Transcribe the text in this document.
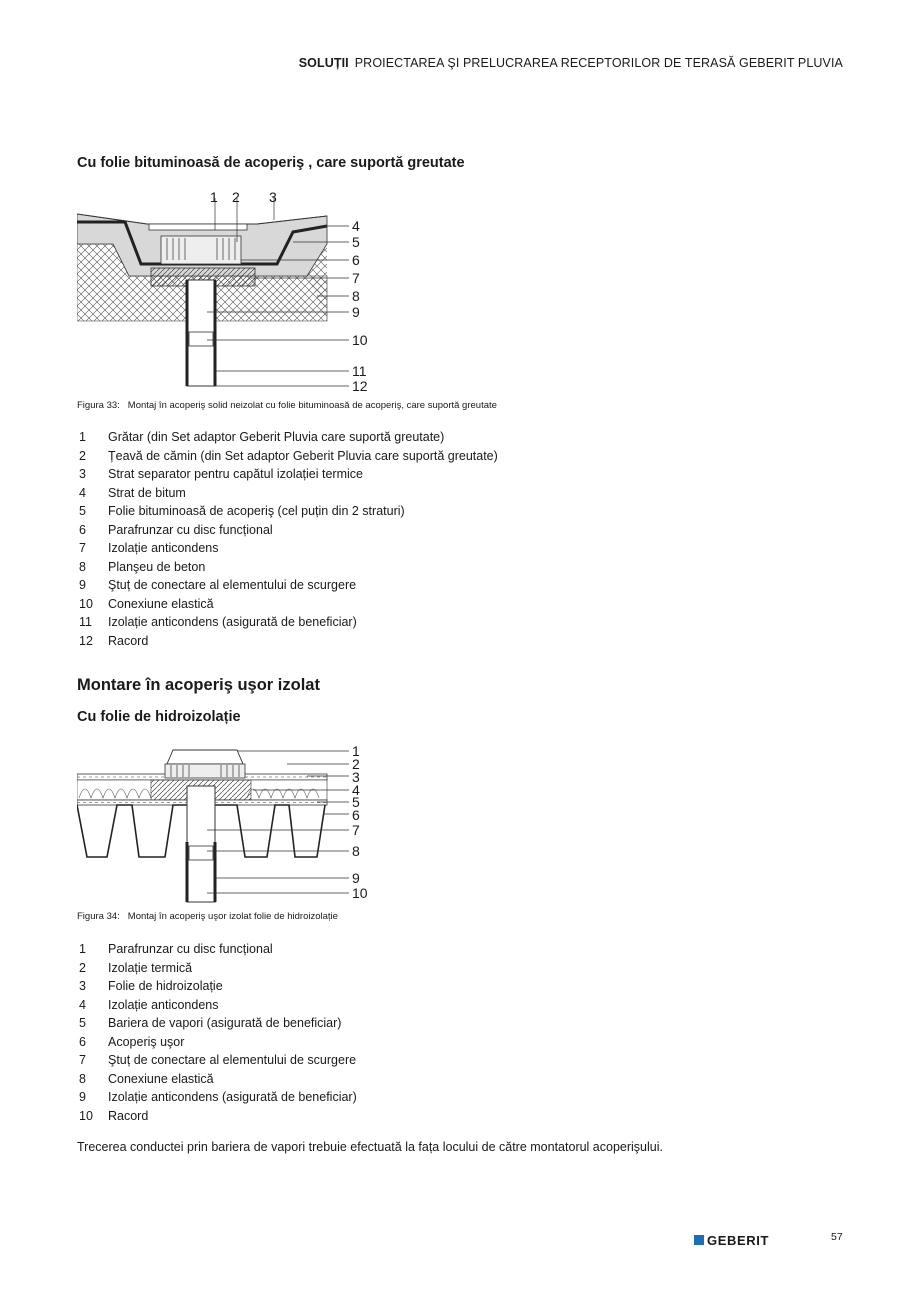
SOLUȚII PROIECTAREA ŞI PRELUCRAREA RECEPTORILOR DE TERASĂ GEBERIT PLUVIA
Cu folie bituminoasă de acoperiş , care suportă greutate
1 2 3
4
5
6
7
8
9
10
11
12
Figura 33: Montaj în acoperiş solid neizolat cu folie bituminoasă de acoperiş, care suportă greutate
1 Grătar (din Set adaptor Geberit Pluvia care suportă greutate)
2 Țeavă de cămin (din Set adaptor Geberit Pluvia care suportă greutate)
3 Strat separator pentru capătul izolației termice
4 Strat de bitum
5 Folie bituminoasă de acoperiş (cel puțin din 2 straturi)
6 Parafrunzar cu disc funcțional
7 Izolație anticondens
8 Planşeu de beton
9 Ştuț de conectare al elementului de scurgere
10 Conexiune elastică
11 Izolație anticondens (asigurată de beneficiar)
12 Racord
Montare în acoperiş uşor izolat
Cu folie de hidroizolație
1
2
3
4
5
6
7
8
9
10
Figura 34: Montaj în acoperiş uşor izolat folie de hidroizolație
1 Parafrunzar cu disc funcțional
2 Izolație termică
3 Folie de hidroizolație
4 Izolație anticondens
5 Bariera de vapori (asigurată de beneficiar)
6 Acoperiş uşor
7 Ştuț de conectare al elementului de scurgere
8 Conexiune elastică
9 Izolație anticondens (asigurată de beneficiar)
10 Racord
Trecerea conductei prin bariera de vapori trebuie efectuată la fața locului de către montatorul acoperişului.
GEBERIT	57
